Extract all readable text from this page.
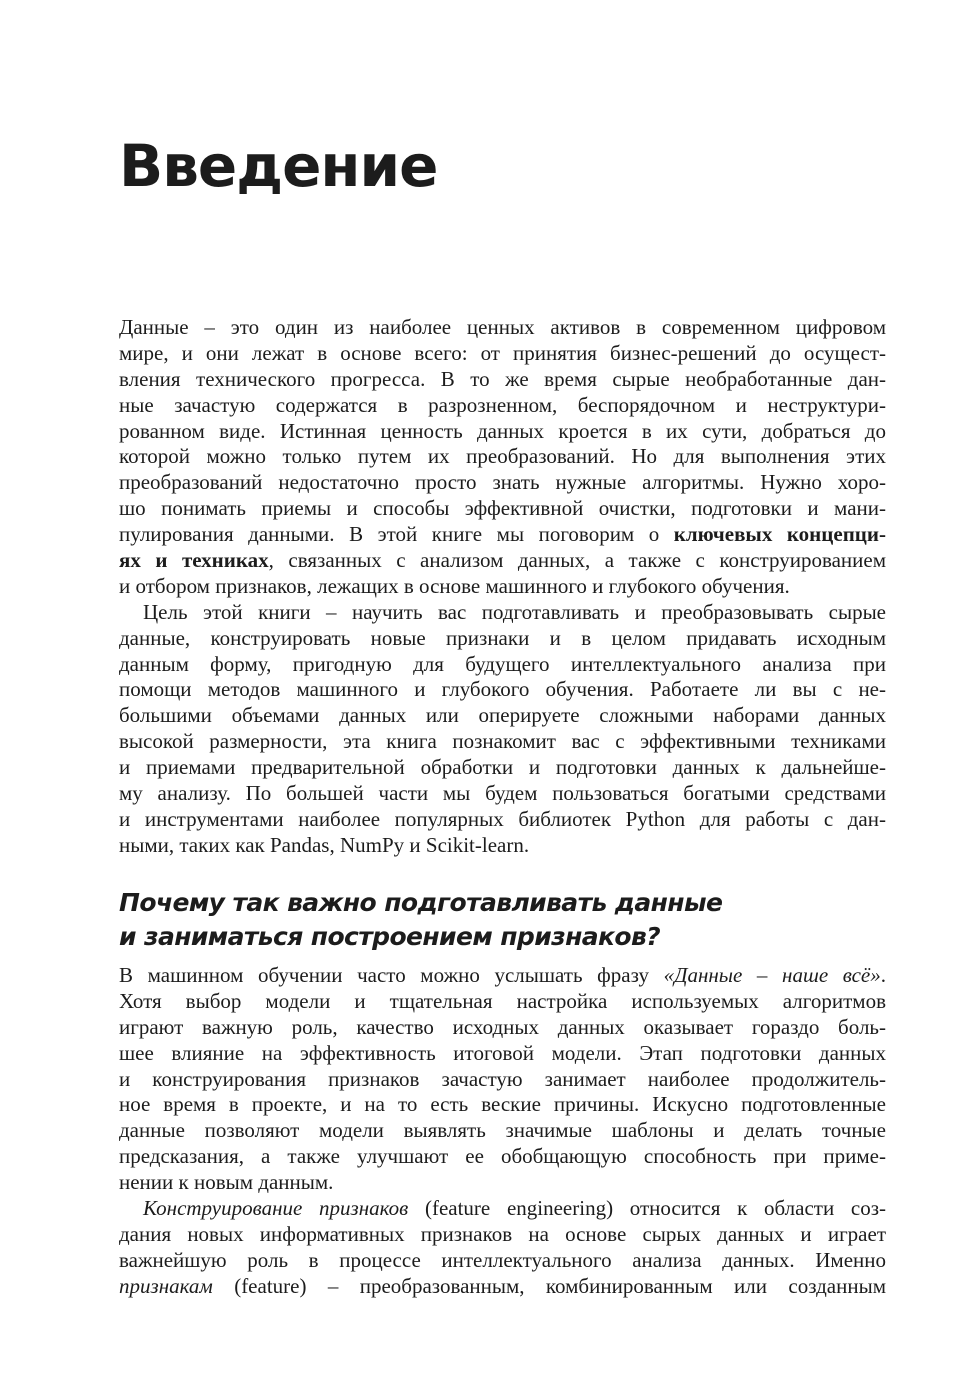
Введение
Данные – это один из наиболее ценных активов в современном цифровом
мире, и они лежат в основе всего: от принятия бизнес-решений до осущест-
вления технического прогресса. В то же время сырые необработанные дан-
ные зачастую содержатся в разрозненном, беспорядочном и неструктури-
рованном виде. Истинная ценность данных кроется в их сути, добраться до
которой можно только путем их преобразований. Но для выполнения этих
преобразований недостаточно просто знать нужные алгоритмы. Нужно хоро-
шо понимать приемы и способы эффективной очистки, подготовки и мани-
пулирования данными. В этой книге мы поговорим о ключевых концепци-
ях и техниках, связанных с анализом данных, а также с конструированием
и отбором признаков, лежащих в основе машинного и глубокого обучения.
Цель этой книги – научить вас подготавливать и преобразовывать сырые
данные, конструировать новые признаки и в целом придавать исходным
данным форму, пригодную для будущего интеллектуального анализа при
помощи методов машинного и глубокого обучения. Работаете ли вы с не-
большими объемами данных или оперируете сложными наборами данных
высокой размерности, эта книга познакомит вас с эффективными техниками
и приемами предварительной обработки и подготовки данных к дальнейше-
му анализу. По большей части мы будем пользоваться богатыми средствами
и инструментами наиболее популярных библиотек Python для работы с дан-
ными, таких как Pandas, NumPy и Scikit-learn.
Почему так важно подготавливать данные
и заниматься построением признаков?
В машинном обучении часто можно услышать фразу «Данные – наше всё».
Хотя выбор модели и тщательная настройка используемых алгоритмов
играют важную роль, качество исходных данных оказывает гораздо боль-
шее влияние на эффективность итоговой модели. Этап подготовки данных
и конструирования признаков зачастую занимает наиболее продолжитель-
ное время в проекте, и на то есть веские причины. Искусно подготовленные
данные позволяют модели выявлять значимые шаблоны и делать точные
предсказания, а также улучшают ее обобщающую способность при приме-
нении к новым данным.
Конструирование признаков (feature engineering) относится к области соз-
дания новых информативных признаков на основе сырых данных и играет
важнейшую роль в процессе интеллектуального анализа данных. Именно
признакам (feature) – преобразованным, комбинированным или созданным
